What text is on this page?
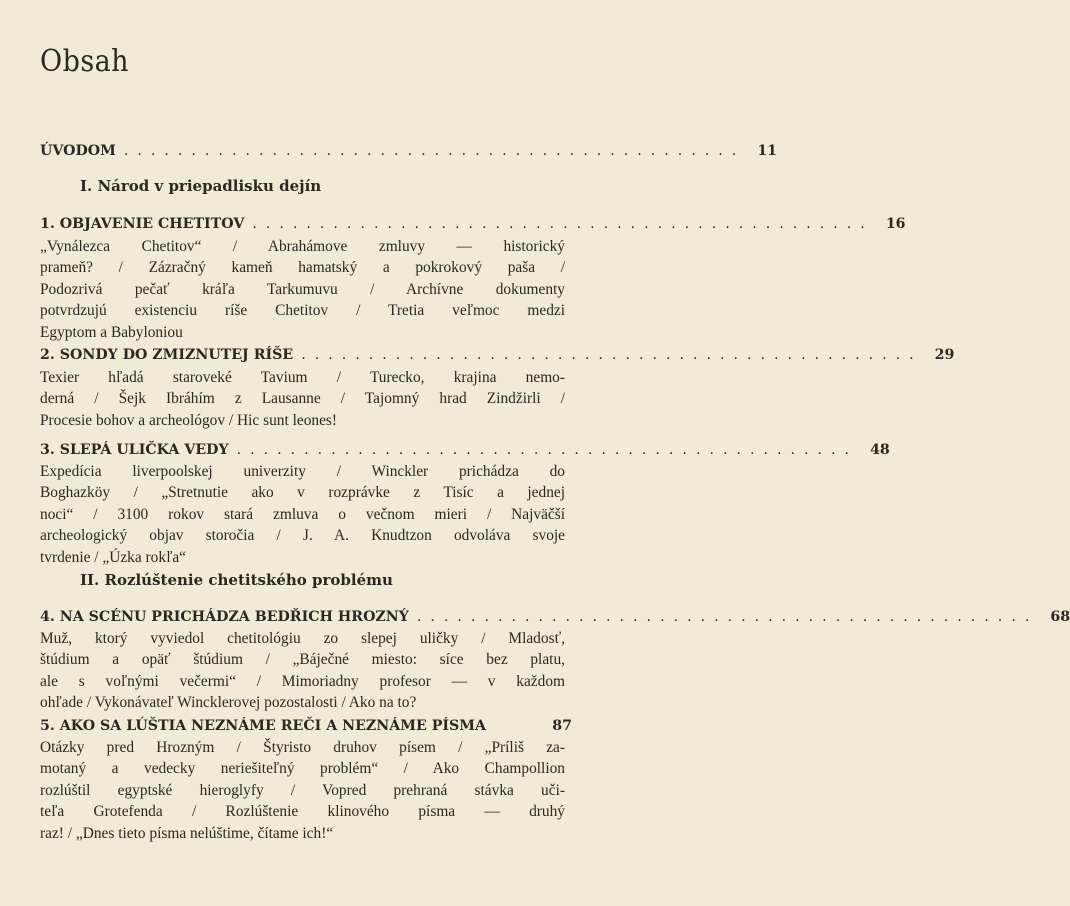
Obsah
ÚVODOM .............................................. 11
I. Národ v priepadlisku dejín
1. OBJAVENIE CHETITOV .............................................. 16
„Vynálezca Chetitov“ / Abrahámove zmluvy — historický
prameň? / Zázračný kameň hamatský a pokrokový paša /
Podozrivá pečať kráľa Tarkumuvu / Archívne dokumenty
potvrdzujú existenciu ríše Chetitov / Tretia veľmoc medzi
Egyptom a Babyloniou
2. SONDY DO ZMIZNUTEJ RÍŠE .............................................. 29
Texier hľadá staroveké Tavium / Turecko, krajina nemo-
derná / Šejk Ibráhím z Lausanne / Tajomný hrad Zindžirli /
Procesie bohov a archeológov / Hic sunt leones!
3. SLEPÁ ULIČKA VEDY .............................................. 48
Expedícia liverpoolskej univerzity / Winckler prichádza do
Boghazköy / „Stretnutie ako v rozprávke z Tisíc a jednej
noci“ / 3100 rokov stará zmluva o večnom mieri / Najväčší
archeologický objav storočia / J. A. Knudtzon odvoláva svoje
tvrdenie / „Úzka rokľa“
II. Rozlúštenie chetitského problému
4. NA SCÉNU PRICHÁDZA BEDŘICH HROZNÝ .............................................. 68
Muž, ktorý vyviedol chetitológiu zo slepej uličky / Mladosť,
štúdium a opäť štúdium / „Báječné miesto: síce bez platu,
ale s voľnými večermi“ / Mimoriadny profesor — v každom
ohľade / Vykonávateľ Wincklerovej pozostalosti / Ako na to?
5. AKO SA LÚŠTIA NEZNÁME REČI A NEZNÁME PÍSMA	87
Otázky pred Hrozným / Štyristo druhov písem / „Príliš za-
motaný a vedecky neriešiteľný problém“ / Ako Champollion
rozlúštil egyptské hieroglyfy / Vopred prehraná stávka uči-
teľa Grotefenda / Rozlúštenie klinového písma — druhý
raz! / „Dnes tieto písma nelúštime, čítame ich!“
